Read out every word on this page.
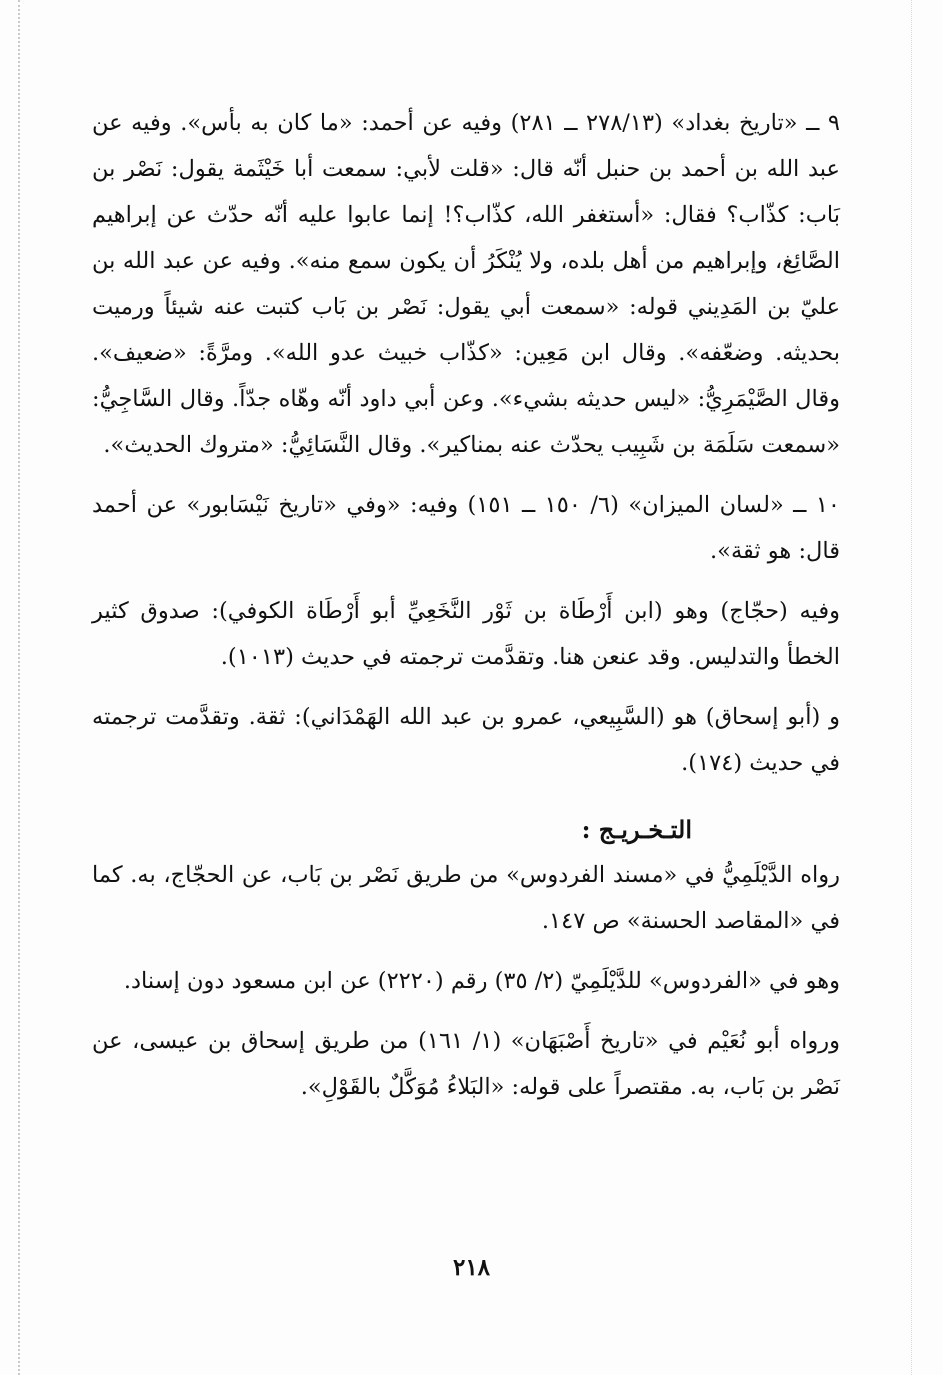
٩ ــ «تاريخ بغداد» (٢٧٨/١٣ ــ ٢٨١) وفيه عن أحمد: «ما كان به بأس». وفيه عن عبد الله بن أحمد بن حنبل أنّه قال: «قلت لأبي: سمعت أبا خَيْثَمة يقول: نَصْر بن بَاب: كذّاب؟ فقال: «أستغفر الله، كذّاب؟! إنما عابوا عليه أنّه حدّث عن إبراهيم الصَّائِغ، وإبراهيم من أهل بلده، ولا يُنْكَرُ أن يكون سمع منه». وفيه عن عبد الله بن عليّ بن المَدِيني قوله: «سمعت أبي يقول: نَصْر بن بَاب كتبت عنه شيئاً ورميت بحديثه. وضعّفه». وقال ابن مَعِين: «كذّاب خبيث عدو الله». ومرَّةً: «ضعيف». وقال الصَّيْمَرِيُّ: «ليس حديثه بشيء». وعن أبي داود أنّه وهّاه جدّاً. وقال السَّاجِيُّ: «سمعت سَلَمَة بن شَبِيب يحدّث عنه بمناكير». وقال النَّسَائِيُّ: «متروك الحديث».

١٠ ــ «لسان الميزان» (٦/ ١٥٠ ــ ١٥١) وفيه: «وفي «تاريخ نَيْسَابور» عن أحمد قال: هو ثقة».

وفيه (حجّاج) وهو (ابن أَرْطَاة بن ثَوْر النَّخَعِيِّ أبو أَرْطَاة الكوفي): صدوق كثير الخطأ والتدليس. وقد عنعن هنا. وتقدَّمت ترجمته في حديث (١٠١٣).

و (أبو إسحاق) هو (السَّبِيعي، عمرو بن عبد الله الهَمْدَاني): ثقة. وتقدَّمت ترجمته في حديث (١٧٤).

التـخـريـج :

رواه الدَّيْلَمِيُّ في «مسند الفردوس» من طريق نَصْر بن بَاب، عن الحجّاج، به. كما في «المقاصد الحسنة» ص ١٤٧.

وهو في «الفردوس» للدَّيْلَمِيّ (٢/ ٣٥) رقم (٢٢٢٠) عن ابن مسعود دون إسناد.

ورواه أبو نُعَيْم في «تاريخ أَصْبَهَان» (١/ ١٦١) من طريق إسحاق بن عيسى، عن نَصْر بن بَاب، به. مقتصراً على قوله: «البَلاءُ مُوَكَّلٌ بالقَوْلِ».

٢١٨
